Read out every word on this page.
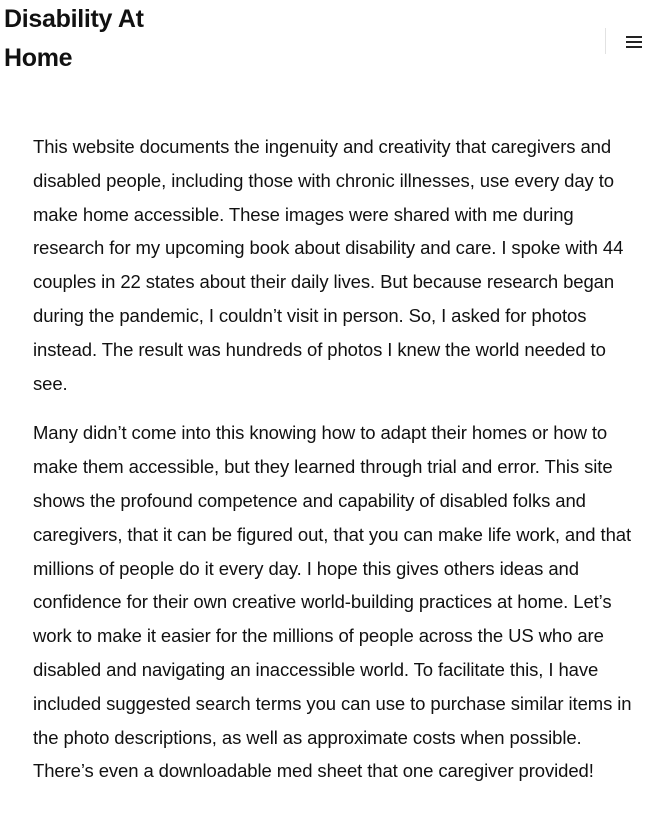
Disability At Home

This website documents the ingenuity and creativity that caregivers and disabled people, including those with chronic illnesses, use every day to make home accessible. These images were shared with me during research for my upcoming book about disability and care. I spoke with 44 couples in 22 states about their daily lives. But because research began during the pandemic, I couldn’t visit in person. So, I asked for photos instead. The result was hundreds of photos I knew the world needed to see.

Many didn’t come into this knowing how to adapt their homes or how to make them accessible, but they learned through trial and error. This site shows the profound competence and capability of disabled folks and caregivers, that it can be figured out, that you can make life work, and that millions of people do it every day. I hope this gives others ideas and confidence for their own creative world-building practices at home. Let’s work to make it easier for the millions of people across the US who are disabled and navigating an inaccessible world. To facilitate this, I have included suggested search terms you can use to purchase similar items in the photo descriptions, as well as approximate costs when possible. There’s even a downloadable med sheet that one caregiver provided!
